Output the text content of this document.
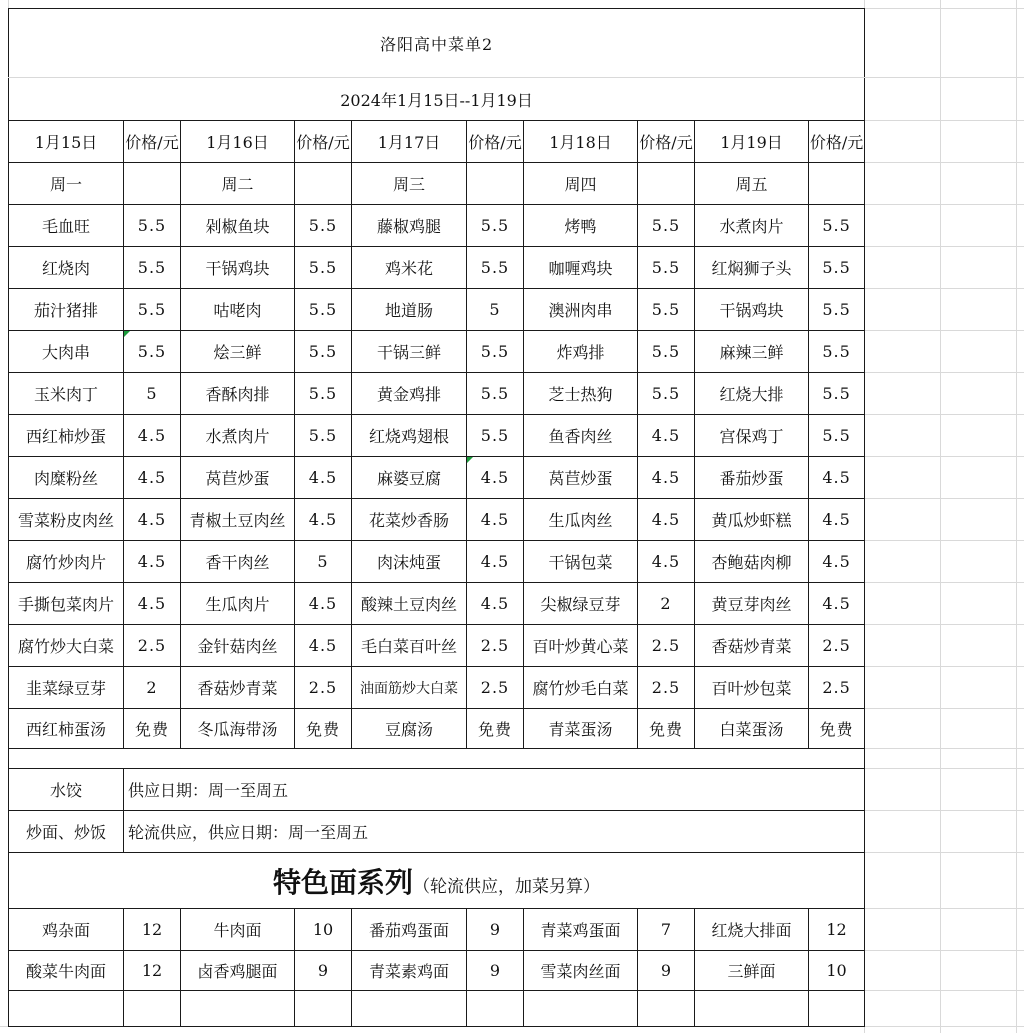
洛阳高中菜单2									
2024年1月15日--1月19日									
1月15日	价格/元	1月16日	价格/元	1月17日	价格/元	1月18日	价格/元	1月19日	价格/元
周一		周二		周三		周四		周五	
毛血旺	5.5	剁椒鱼块	5.5	藤椒鸡腿	5.5	烤鸭	5.5	水煮肉片	5.5
红烧肉	5.5	干锅鸡块	5.5	鸡米花	5.5	咖喱鸡块	5.5	红焖狮子头	5.5
茄汁猪排	5.5	咕咾肉	5.5	地道肠	5	澳洲肉串	5.5	干锅鸡块	5.5
大肉串	5.5	烩三鲜	5.5	干锅三鲜	5.5	炸鸡排	5.5	麻辣三鲜	5.5
玉米肉丁	5	香酥肉排	5.5	黄金鸡排	5.5	芝士热狗	5.5	红烧大排	5.5
西红柿炒蛋	4.5	水煮肉片	5.5	红烧鸡翅根	5.5	鱼香肉丝	4.5	宫保鸡丁	5.5
肉糜粉丝	4.5	莴苣炒蛋	4.5	麻婆豆腐	4.5	莴苣炒蛋	4.5	番茄炒蛋	4.5
雪菜粉皮肉丝	4.5	青椒土豆肉丝	4.5	花菜炒香肠	4.5	生瓜肉丝	4.5	黄瓜炒虾糕	4.5
腐竹炒肉片	4.5	香干肉丝	5	肉沫炖蛋	4.5	干锅包菜	4.5	杏鲍菇肉柳	4.5
手撕包菜肉片	4.5	生瓜肉片	4.5	酸辣土豆肉丝	4.5	尖椒绿豆芽	2	黄豆芽肉丝	4.5
腐竹炒大白菜	2.5	金针菇肉丝	4.5	毛白菜百叶丝	2.5	百叶炒黄心菜	2.5	香菇炒青菜	2.5
韭菜绿豆芽	2	香菇炒青菜	2.5	油面筋炒大白菜	2.5	腐竹炒毛白菜	2.5	百叶炒包菜	2.5
西红柿蛋汤	免费	冬瓜海带汤	免费	豆腐汤	免费	青菜蛋汤	免费	白菜蛋汤	免费

水饺	供应日期：周一至周五								
炒面、炒饭	轮流供应，供应日期：周一至周五								
特色面系列（轮流供应，加菜另算）									
鸡杂面	12	牛肉面	10	番茄鸡蛋面	9	青菜鸡蛋面	7	红烧大排面	12
酸菜牛肉面	12	卤香鸡腿面	9	青菜素鸡面	9	雪菜肉丝面	9	三鲜面	10
